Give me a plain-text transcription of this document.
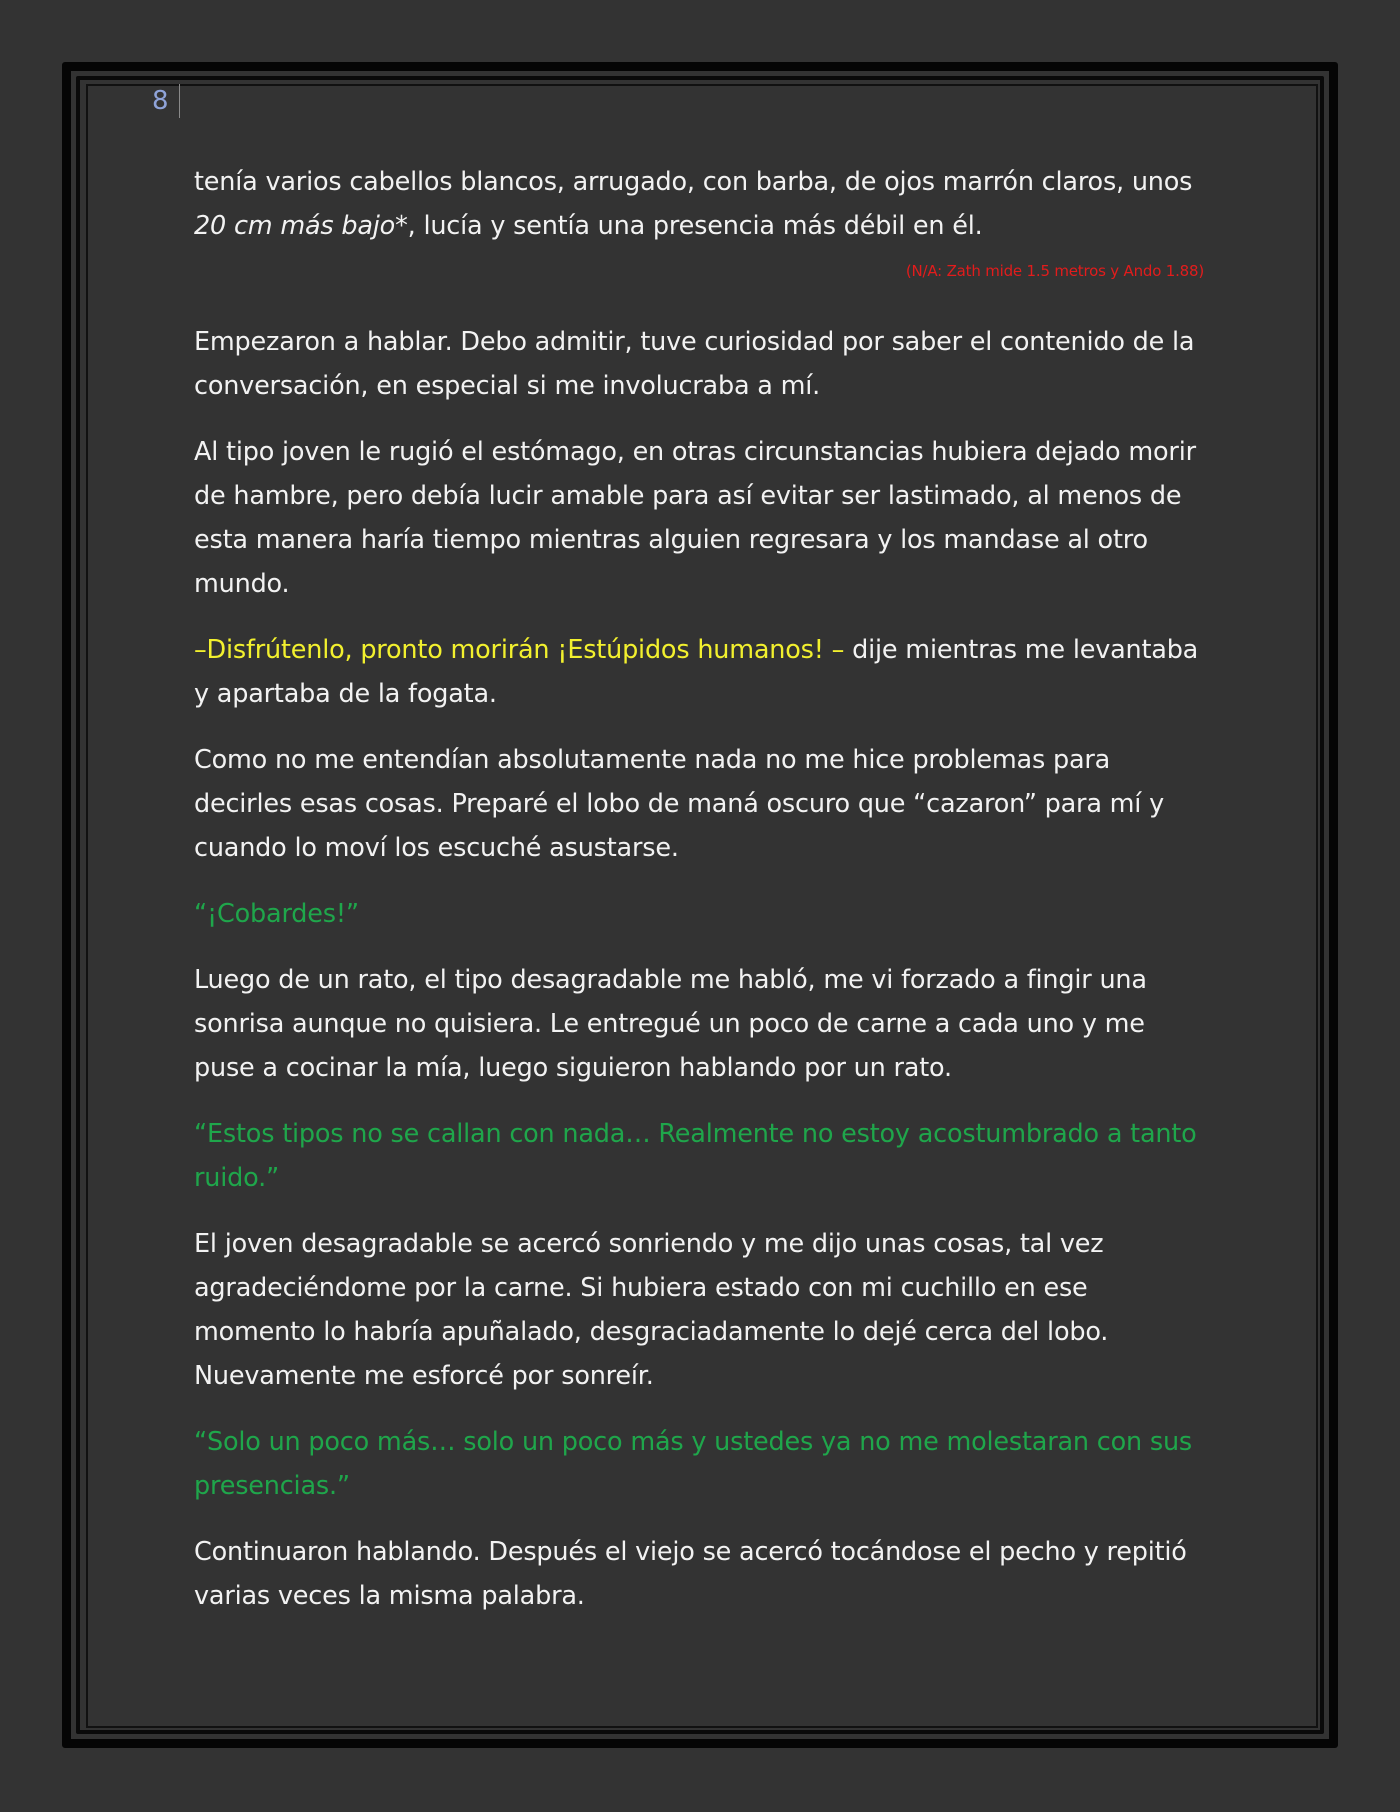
8

tenía varios cabellos blancos, arrugado, con barba, de ojos marrón claros, unos 20 cm más bajo*, lucía y sentía una presencia más débil en él.

(N/A: Zath mide 1.5 metros y Ando 1.88)

Empezaron a hablar. Debo admitir, tuve curiosidad por saber el contenido de la conversación, en especial si me involucraba a mí.

Al tipo joven le rugió el estómago, en otras circunstancias hubiera dejado morir de hambre, pero debía lucir amable para así evitar ser lastimado, al menos de esta manera haría tiempo mientras alguien regresara y los mandase al otro mundo.

–Disfrútenlo, pronto morirán ¡Estúpidos humanos! – dije mientras me levantaba y apartaba de la fogata.

Como no me entendían absolutamente nada no me hice problemas para decirles esas cosas. Preparé el lobo de maná oscuro que “cazaron” para mí y cuando lo moví los escuché asustarse.

“¡Cobardes!”

Luego de un rato, el tipo desagradable me habló, me vi forzado a fingir una sonrisa aunque no quisiera. Le entregué un poco de carne a cada uno y me puse a cocinar la mía, luego siguieron hablando por un rato.

“Estos tipos no se callan con nada… Realmente no estoy acostumbrado a tanto ruido.”

El joven desagradable se acercó sonriendo y me dijo unas cosas, tal vez agradeciéndome por la carne. Si hubiera estado con mi cuchillo en ese momento lo habría apuñalado, desgraciadamente lo dejé cerca del lobo. Nuevamente me esforcé por sonreír.

“Solo un poco más… solo un poco más y ustedes ya no me molestaran con sus presencias.”

Continuaron hablando. Después el viejo se acercó tocándose el pecho y repitió varias veces la misma palabra.
